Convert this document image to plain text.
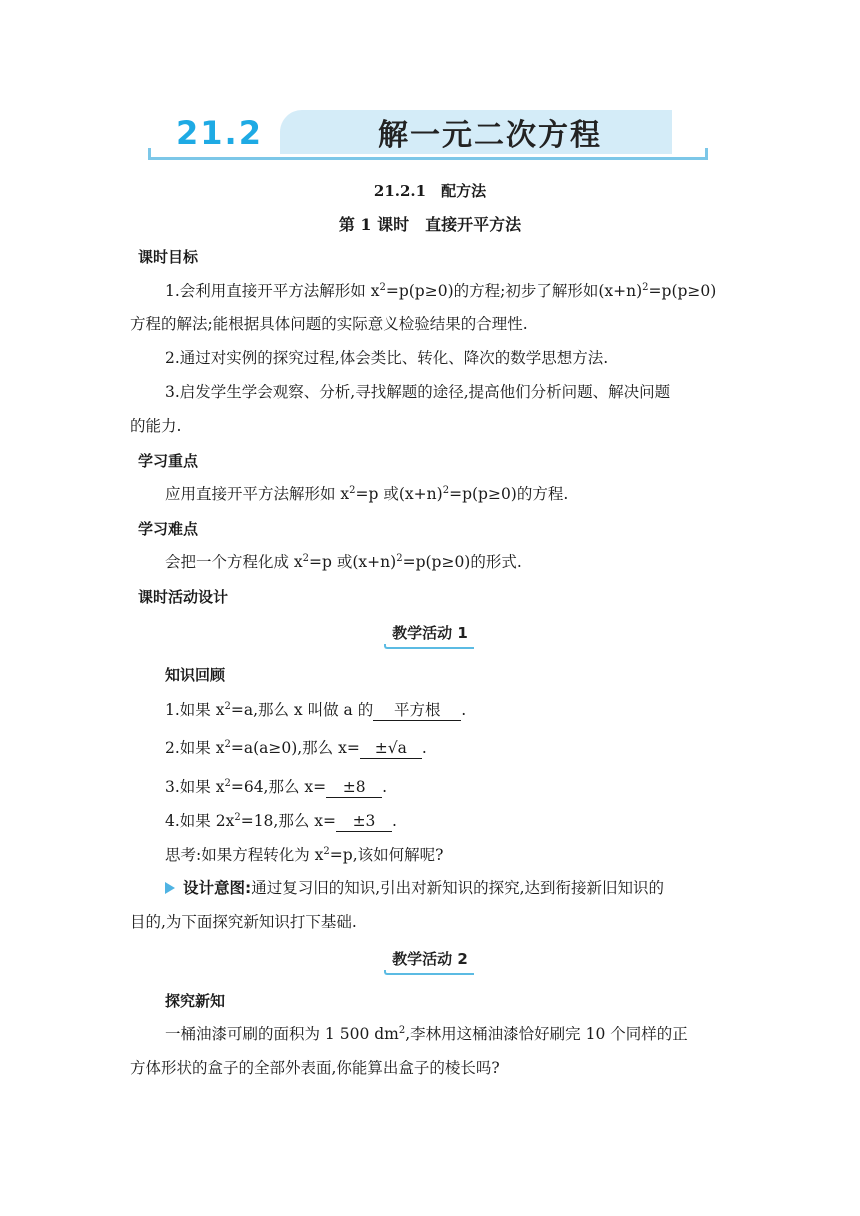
21.2	解一元二次方程
21.2.1　配方法
第 1 课时　直接开平方法
课时目标
1.会利用直接开平方法解形如 $x^2=p(p\ge 0)$的方程;初步了解形如$(x+n)^2=p(p\ge 0)$
方程的解法;能根据具体问题的实际意义检验结果的合理性.
2.通过对实例的探究过程,体会类比、转化、降次的数学思想方法.
3.启发学生学会观察、分析,寻找解题的途径,提高他们分析问题、解决问题
的能力.
学习重点
应用直接开平方法解形如 $x^2=p$ 或$(x+n)^2=p(p\ge 0)$的方程.
学习难点
会把一个方程化成 $x^2=p$ 或$(x+n)^2=p(p\ge 0)$的形式.
课时活动设计
教学活动 1
知识回顾
1.如果 $x^2=a$,那么 x 叫做 a 的 平方根 .
2.如果 $x^2=a(a\ge 0)$,那么 x= ±√a .
3.如果 $x^2=64$,那么 x= ±8 .
4.如果 $2x^2=18$,那么 x= ±3 .
思考:如果方程转化为 $x^2=p$,该如何解呢?
设计意图:通过复习旧的知识,引出对新知识的探究,达到衔接新旧知识的
目的,为下面探究新知识打下基础.
教学活动 2
探究新知
一桶油漆可刷的面积为 1 500 $dm^2$,李林用这桶油漆恰好刷完 10 个同样的正
方体形状的盒子的全部外表面,你能算出盒子的棱长吗?
